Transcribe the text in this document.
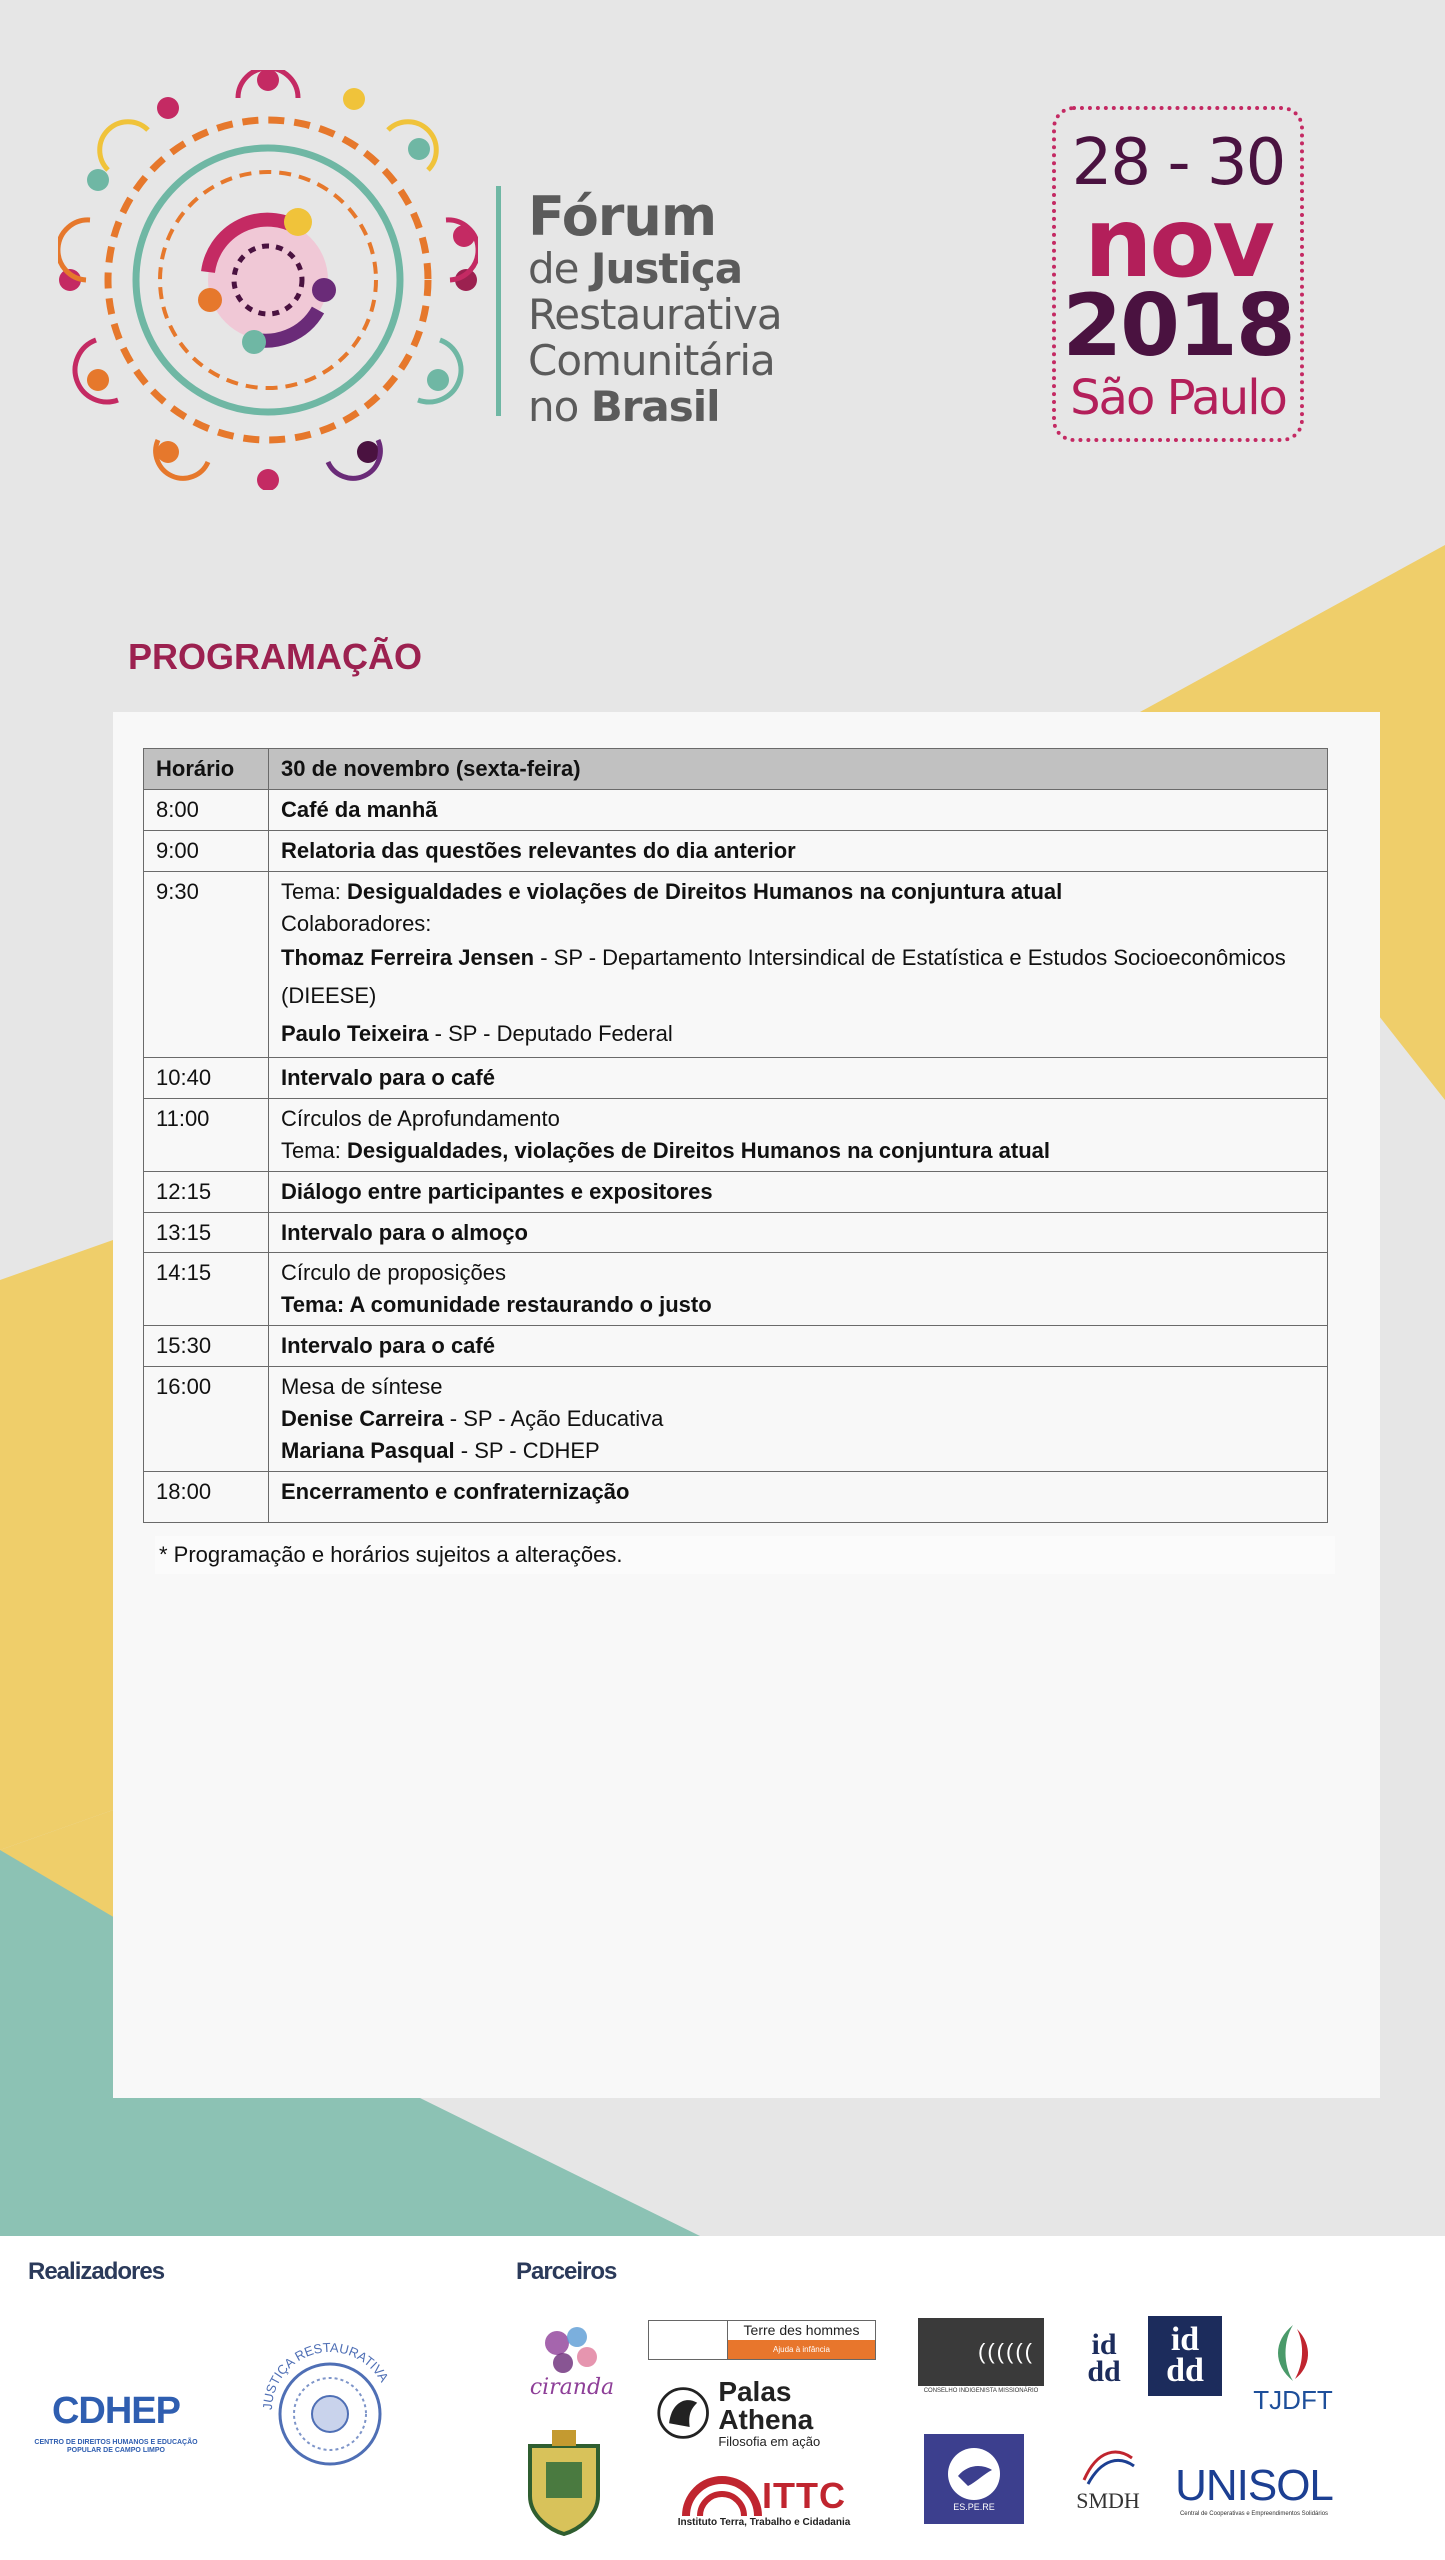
Fórum
de Justiça
Restaurativa
Comunitária
no Brasil
28 - 30
nov
2018
São Paulo
PROGRAMAÇÃO
Horário	30 de novembro (sexta-feira)
8:00	Café da manhã
9:00	Relatoria das questões relevantes do dia anterior
9:30	Tema: Desigualdades e violações de Direitos Humanos na conjuntura atual
Colaboradores:
Thomaz Ferreira Jensen - SP - Departamento Intersindical de Estatística e Estudos Socioeconômicos (DIEESE)
Paulo Teixeira - SP - Deputado Federal

10:40	Intervalo para o café
11:00	Círculos de Aprofundamento
Tema: Desigualdades, violações de Direitos Humanos na conjuntura atual

12:15	Diálogo entre participantes e expositores
13:15	Intervalo para o almoço
14:15	Círculo de proposições
Tema: A comunidade restaurando o justo

15:30	Intervalo para o café
16:00	Mesa de síntese
Denise Carreira - SP - Ação Educativa
Mariana Pasqual - SP - CDHEP

18:00	Encerramento e confraternização
* Programação e horários sujeitos a alterações.
Realizadores	Parceiros
CDHEP
CENTRO DE DIREITOS HUMANOS E EDUCAÇÃO POPULAR DE CAMPO LIMPO
JUSTIÇA RESTAURATIVA	ciranda
Terre des hommes
Ajuda à infância	((((((
CONSELHO INDIGENISTA MISSIONÁRIO
id
dd
id
dd
TJDFT
Palas Athena
Filosofia em ação
ITTC
Instituto Terra, Trabalho e Cidadania
ES.PE.RE	SMDH UNISOL
Central de Cooperativas e Empreendimentos Solidários
